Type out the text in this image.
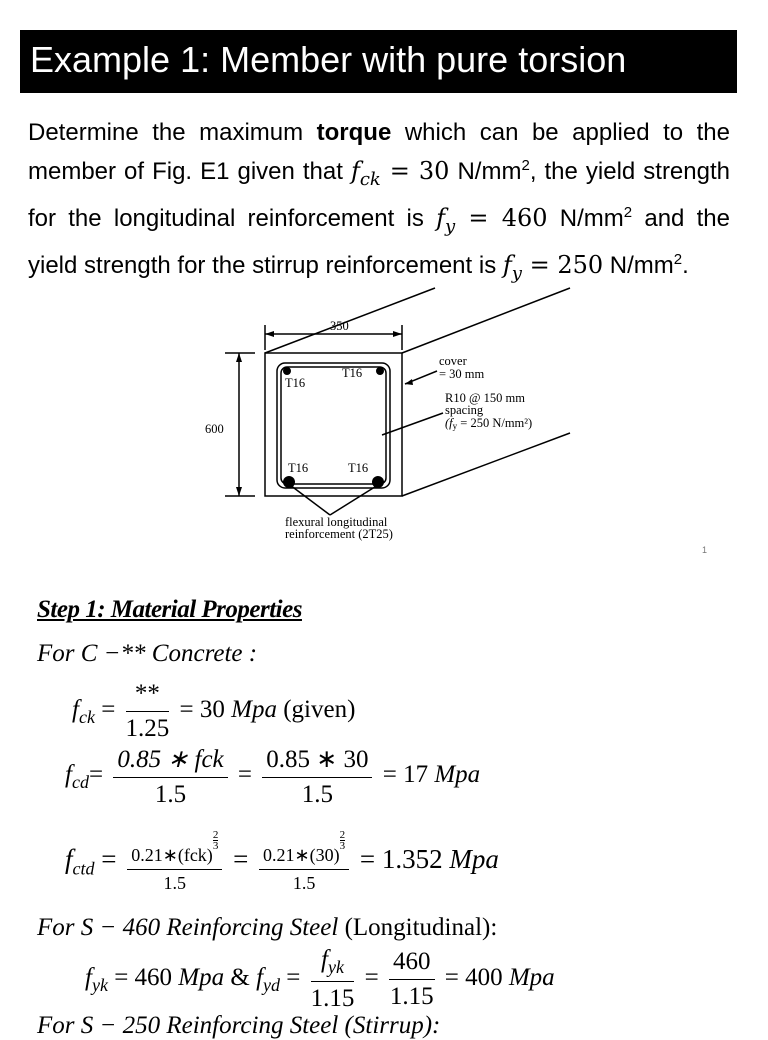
Example 1: Member with pure torsion

Determine the maximum torque which can be applied to the member of Fig. E1 given that $f_{ck} = 30$ $N/mm^2$, the yield strength for the longitudinal reinforcement is $f_y = 460$ $N/mm^2$ and the yield strength for the stirrup reinforcement is $f_y = 250$ $N/mm^2$.

350
600
T16
T16
T16	T16
cover
= 30 mm
R10 @ 150 mm
spacing
(fy = 250 N/mm²)
flexural longitudinal
reinforcement (2T25)
1
Step 1: Material Properties
For C −** Concrete :
$f_{ck} = \frac{**}{1.25} = 30$ Mpa (given)
$f_{cd}= \frac{\text{0.85 ∗ fck}}{1.5} = \frac{0.85 ∗ 30}{1.5} = 17$ Mpa
$f_{ctd}$ = 0.21∗(fck)
$^{\frac{2}{3}}$
1.5 = 0.21∗(30)
$^{\frac{2}{3}}$
1.5 = 1.352 Mpa
For S − 460 Reinforcing Steel (Longitudinal):
$f_{yk} = 460$ Mpa & $f_{yd} = \frac{f_{yk}}{1.15} = \frac{460}{1.15} = 400$ Mpa
For S − 250 Reinforcing Steel (Stirrup):
